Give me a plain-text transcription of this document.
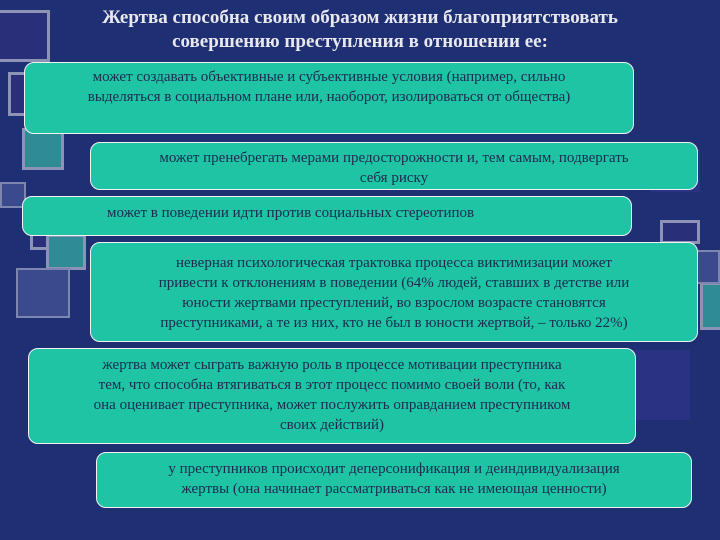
Жертва способна своим образом жизни благоприятствовать
совершению преступления в отношении ее:
может создавать объективные и субъективные условия (например, сильно
выделяться в социальном плане или, наоборот, изолироваться от общества)
может пренебрегать мерами предосторожности и, тем самым, подвергать
себя риску
может в поведении идти против социальных стереотипов
неверная психологическая трактовка процесса виктимизации может
привести к отклонениям в поведении (64% людей, ставших в детстве или
юности жертвами преступлений, во взрослом возрасте становятся
преступниками, а те из них, кто не был в юности жертвой, – только 22%)
жертва может сыграть важную роль в процессе мотивации преступника
тем, что способна втягиваться в этот процесс помимо своей воли (то, как
она оценивает преступника, может послужить оправданием преступником
своих действий)
у преступников происходит деперсонификация и деиндивидуализация
жертвы (она начинает рассматриваться как не имеющая ценности)
